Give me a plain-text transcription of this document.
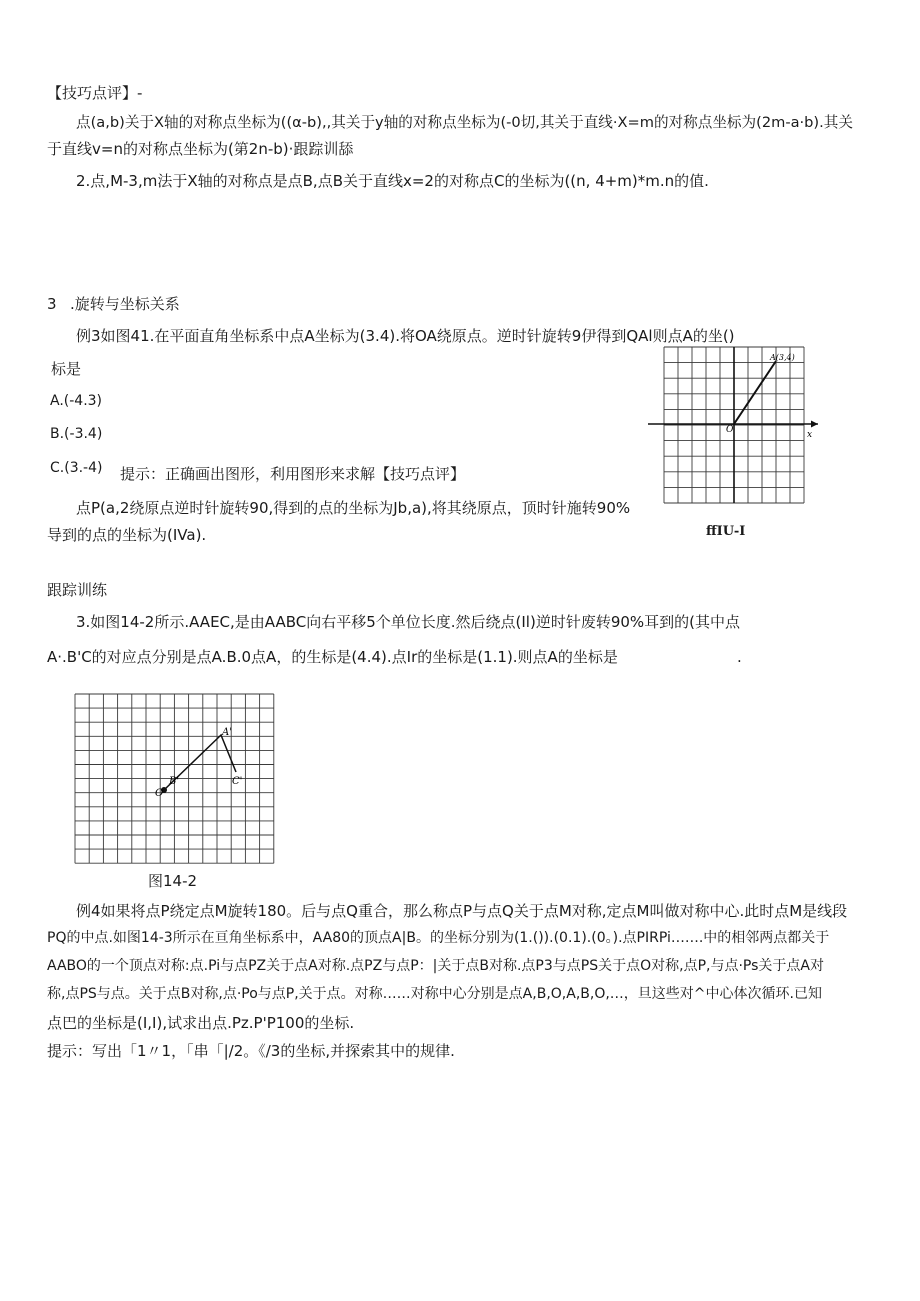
【技巧点评】-
点(a,b)关于X轴的对称点坐标为((α-b),,其关于y轴的对称点坐标为(-0切,其关于直线·X=m的对称点坐标为(2m-a·b).其关
于直线v=n的对称点坐标为(第2n-b)·跟踪训舔
2.点,M-3,m法于X轴的对称点是点B,点B关于直线x=2的对称点C的坐标为((n, 4+m)*m.n的值.
3 .旋转与坐标关系
例3如图41.在平面直角坐标系中点A坐标为(3.4).将OA绕原点。逆时针旋转9伊得到QAl则点A的坐()
标是
A.(-4.3)
B.(-3.4)
C.(3.-4) 提示：正确画出图形，利用图形来求解【技巧点评】
点P(a,2绕原点逆时针旋转90,得到的点的坐标为Jb,a),将其绕原点，顶时针施转90%
导到的点的坐标为(IVa).
A(3,4)
O	x
ffIU-I
跟踪训练
3.如图14-2所示.AAEC,是由AABC向右平移5个单位长度.然后绕点(Il)逆时针废转90%耳到的(其中点
A·.B'C的对应点分别是点A.B.0点A，的生标是(4.4).点Ir的坐标是(1.1).则点A的坐标是	.
A'
B'	C'
O
图14-2
例4如果将点P绕定点M旋转180。后与点Q重合，那么称点P与点Q关于点M对称,定点M叫做对称中心.此时点M是线段
PQ的中点.如图14-3所示在亘角坐标系中，AA80的顶点A|B。的坐标分别为(1.()).(0.1).(0。).点PIRPi…….中的相邻两点都关于
AABO的一个顶点对称:点.Pi与点PZ关于点A对称.点PZ与点P：|关于点B对称.点P3与点PS关于点O对称,点P,与点·Ps关于点A对
称,点PS与点。关于点B对称,点·Po与点P,关于点。对称……对称中心分别是点A,B,O,A,B,O,…，旦这些对^中心体次循环.已知
点巴的坐标是(I,I),试求出点.Pz.P'P100的坐标.
提示：写出「1〃1，「串「|/2。《/3的坐标,并探索其中的规律.
